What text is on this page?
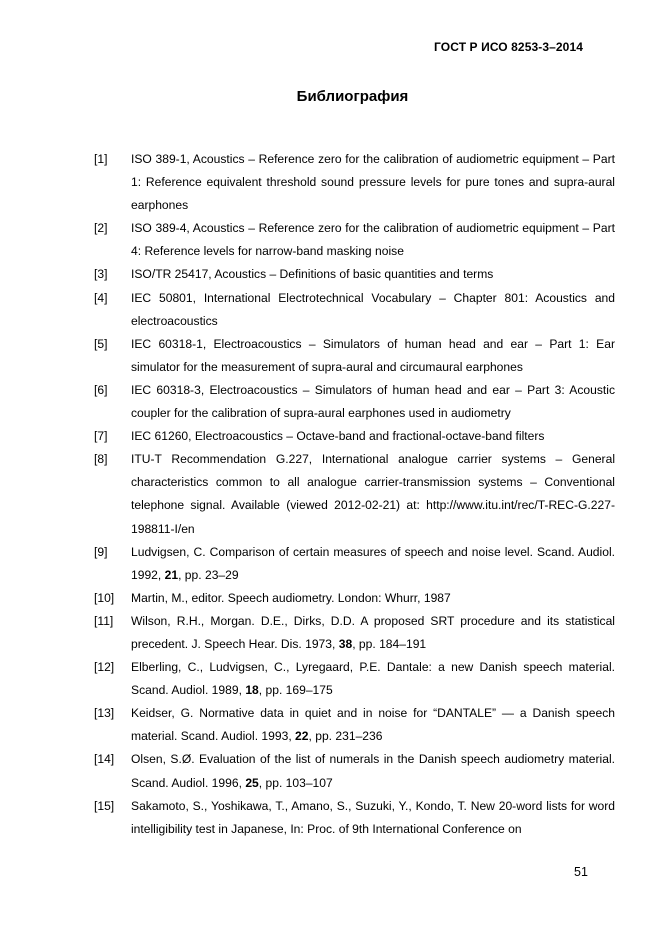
ГОСТ Р ИСО 8253-3–2014
Библиография
[1]	ISO 389-1, Acoustics – Reference zero for the calibration of audiometric equipment – Part 1: Reference equivalent threshold sound pressure levels for pure tones and supra-aural earphones
[2]	ISO 389-4, Acoustics – Reference zero for the calibration of audiometric equipment – Part 4: Reference levels for narrow-band masking noise
[3]	ISO/TR 25417, Acoustics – Definitions of basic quantities and terms
[4]	IEC 50801, International Electrotechnical Vocabulary – Chapter 801: Acoustics and electroacoustics
[5]	IEC 60318-1, Electroacoustics – Simulators of human head and ear – Part 1: Ear simulator for the measurement of supra-aural and circumaural earphones
[6]	IEC 60318-3, Electroacoustics – Simulators of human head and ear – Part 3: Acoustic coupler for the calibration of supra-aural earphones used in audiometry
[7]	IEC 61260, Electroacoustics – Octave-band and fractional-octave-band filters
[8]	ITU-T Recommendation G.227, International analogue carrier systems – General characteristics common to all analogue carrier-transmission systems – Conventional telephone signal. Available (viewed 2012-02-21) at: http://www.itu.int/rec/T-REC-G.227-198811-I/en
[9]	Ludvigsen, C. Comparison of certain measures of speech and noise level. Scand. Audiol. 1992, 21, pp. 23–29
[10]	Martin, M., editor. Speech audiometry. London: Whurr, 1987
[11]	Wilson, R.H., Morgan. D.E., Dirks, D.D. A proposed SRT procedure and its statistical precedent. J. Speech Hear. Dis. 1973, 38, pp. 184–191
[12]	Elberling, C., Ludvigsen, C., Lyregaard, P.E. Dantale: a new Danish speech material. Scand. Audiol. 1989, 18, pp. 169–175
[13]	Keidser, G. Normative data in quiet and in noise for “DANTALE” — a Danish speech material. Scand. Audiol. 1993, 22, pp. 231–236
[14]	Olsen, S.Ø. Evaluation of the list of numerals in the Danish speech audiometry material. Scand. Audiol. 1996, 25, pp. 103–107
[15]	Sakamoto, S., Yoshikawa, T., Amano, S., Suzuki, Y., Kondo, T. New 20-word lists for word intelligibility test in Japanese, In: Proc. of 9th International Conference on
51
